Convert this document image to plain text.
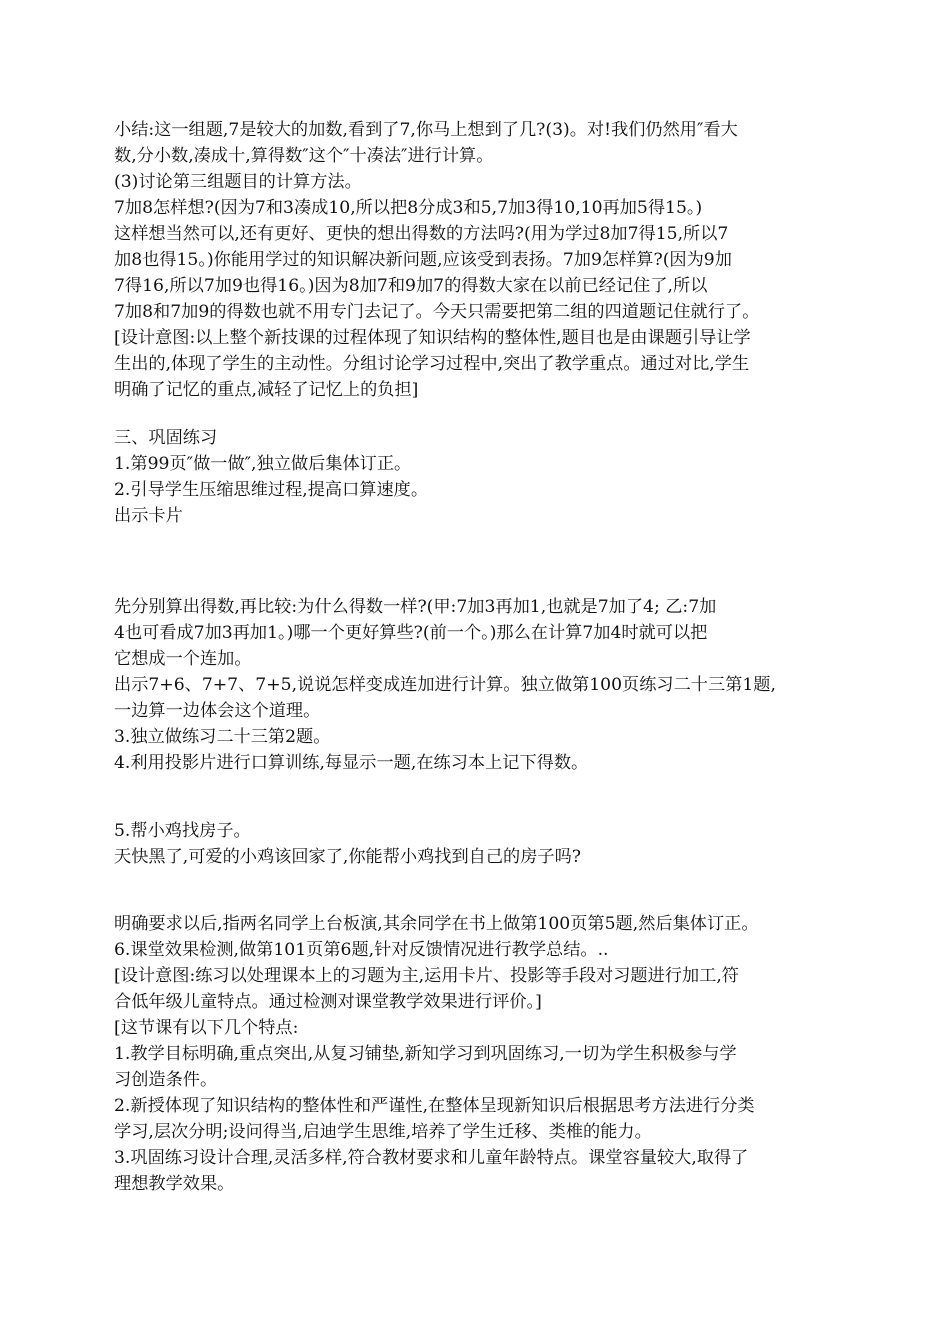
小结:这一组题,7是较大的加数,看到了7,你马上想到了几?(3)。对!我们仍然用″看大
数,分小数,凑成十,算得数″这个″十凑法″进行计算。
(3)讨论第三组题目的计算方法。
7加8怎样想?(因为7和3凑成10,所以把8分成3和5,7加3得10,10再加5得15。)
这样想当然可以,还有更好、更快的想出得数的方法吗?(用为学过8加7得15,所以7
加8也得15。)你能用学过的知识解决新问题,应该受到表扬。7加9怎样算?(因为9加
7得16,所以7加9也得16。)因为8加7和9加7的得数大家在以前已经记住了,所以
7加8和7加9的得数也就不用专门去记了。今天只需要把第二组的四道题记住就行了。
[设计意图:以上整个新技课的过程体现了知识结构的整体性,题目也是由课题引导让学
生出的,体现了学生的主动性。分组讨论学习过程中,突出了教学重点。通过对比,学生
明确了记忆的重点,减轻了记忆上的负担]
三、巩固练习
1.第99页″做一做″,独立做后集体订正。
2.引导学生压缩思维过程,提高口算速度。
出示卡片
先分别算出得数,再比较:为什么得数一样?(甲:7加3再加1,也就是7加了4; 乙:7加
4也可看成7加3再加1。)哪一个更好算些?(前一个。)那么在计算7加4时就可以把
它想成一个连加。
出示7+6、7+7、7+5,说说怎样变成连加进行计算。独立做第100页练习二十三第1题,
一边算一边体会这个道理。
3.独立做练习二十三第2题。
4.利用投影片进行口算训练,每显示一题,在练习本上记下得数。
5.帮小鸡找房子。
天快黑了,可爱的小鸡该回家了,你能帮小鸡找到自己的房子吗?
明确要求以后,指两名同学上台板演,其余同学在书上做第100页第5题,然后集体订正。
6.课堂效果检测,做第101页第6题,针对反馈情况进行教学总结。..
[设计意图:练习以处理课本上的习题为主,运用卡片、投影等手段对习题进行加工,符
合低年级儿童特点。通过检测对课堂教学效果进行评价。]
[这节课有以下几个特点:
1.教学目标明确,重点突出,从复习铺垫,新知学习到巩固练习,一切为学生积极参与学
习创造条件。
2.新授体现了知识结构的整体性和严谨性,在整体呈现新知识后根据思考方法进行分类
学习,层次分明;设问得当,启迪学生思维,培养了学生迁移、类椎的能力。
3.巩固练习设计合理,灵活多样,符合教材要求和儿童年龄特点。课堂容量较大,取得了
理想教学效果。
